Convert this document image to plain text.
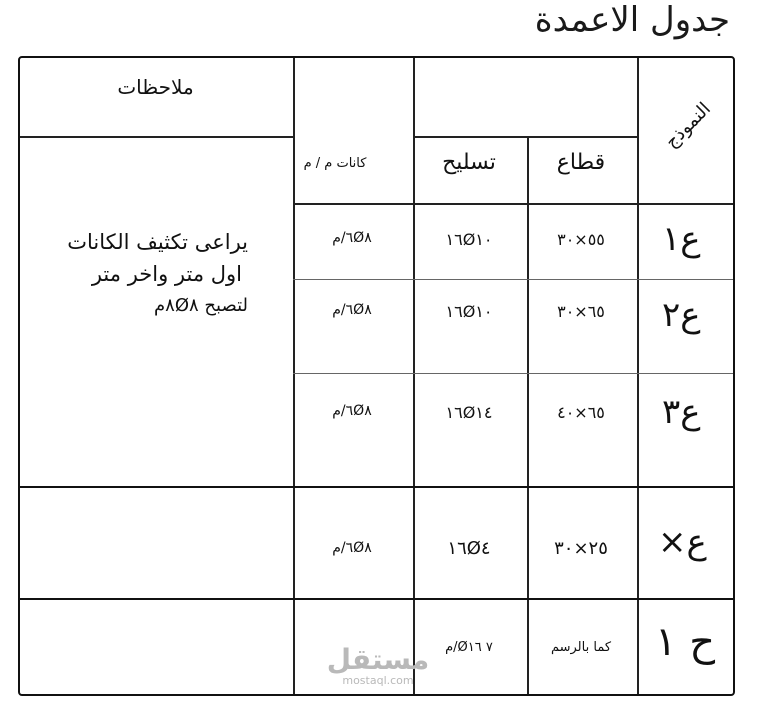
جدول الاعمدة
ملاحظات
النموذج
قطاع
تسليح
كانات م / م
يراعى تكثيف الكانات
اول متر واخر متر
لتصبح ٨Ø٨م
ع١
٥٥×٣٠
١٦Ø١٠
٦Ø٨/م
ع٢
٦٥×٣٠
١٦Ø١٠
٦Ø٨/م
ع٣
٦٥×٤٠
١٦Ø١٤
٦Ø٨/م
ع×
٢٥×٣٠
١٦Ø٤
٦Ø٨/م
ح ١
كما بالرسم
٧ Ø١٦/م
مستقل
mostaql.com
